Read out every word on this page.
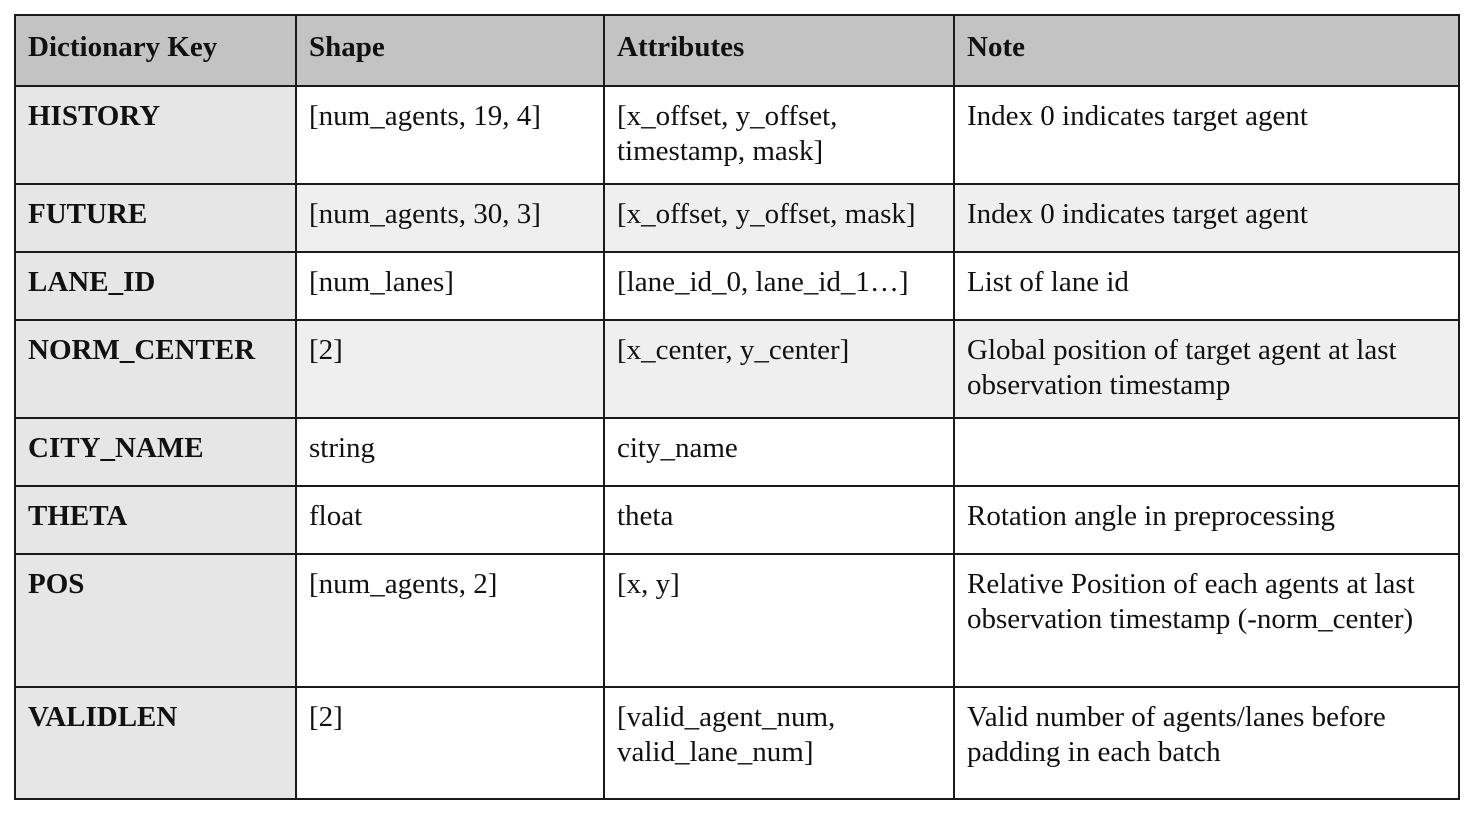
Dictionary Key	Shape	Attributes	Note
HISTORY	[num_agents, 19, 4]	[x_offset, y_offset, timestamp, mask]	Index 0 indicates target agent
FUTURE	[num_agents, 30, 3]	[x_offset, y_offset, mask]	Index 0 indicates target agent
LANE_ID	[num_lanes]	[lane_id_0, lane_id_1…]	List of lane id
NORM_CENTER	[2]	[x_center, y_center]	Global position of target agent at last observation timestamp
CITY_NAME	string	city_name	
THETA	float	theta	Rotation angle in preprocessing
POS	[num_agents, 2]	[x, y]	Relative Position of each agents at last observation timestamp (-norm_center)
VALIDLEN	[2]	[valid_agent_num, valid_lane_num]	Valid number of agents/lanes before padding in each batch
